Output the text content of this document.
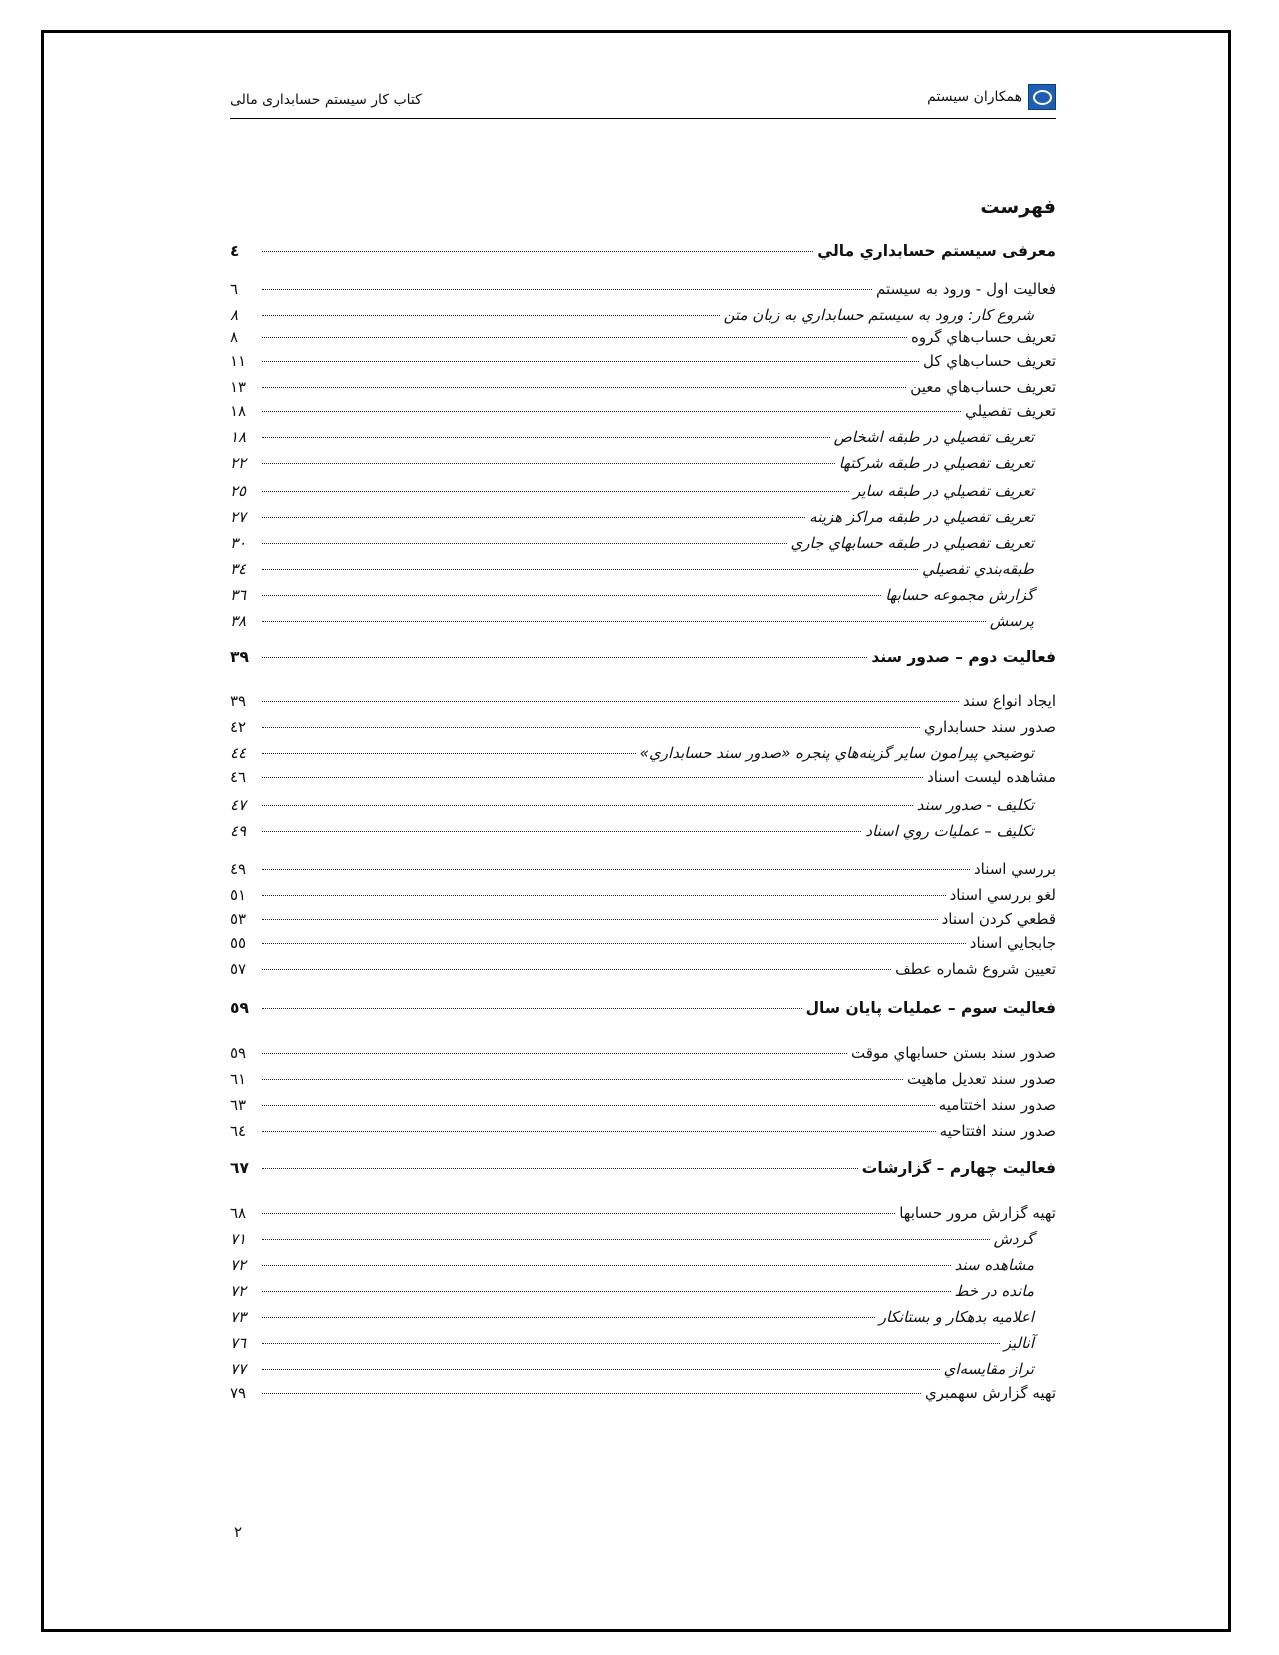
کتاب کار سیستم حسابداری مالی	همکاران سیستم
فهرست
معرفی سیستم حسابداري مالي
٤
فعالیت اول - ورود به سیستم
٦
شروع کار: ورود به سیستم حسابداري به زبان متن
٨
تعريف حساب‌هاي گروه
٨
تعريف حساب‌هاي کل
١١
تعريف حساب‌هاي معين
١٣
تعريف تفصيلي
١٨
تعريف تفصيلي در طبقه اشخاص
١٨
تعريف تفصيلي در طبقه شرکتها
٢٢
تعريف تفصيلي در طبقه ساير
٢٥
تعريف تفصيلي در طبقه مراكز هزينه
٢٧
تعريف تفصيلي در طبقه حسابهاي جاري
٣٠
طبقه‌بندي تفصيلي
٣٤
گزارش مجموعه حسابها
٣٦
پرسش
٣٨
فعالیت دوم – صدور سند
٣٩
ايجاد انواع سند
٣٩
صدور سند حسابداري
٤٢
توضيحي پيرامون ساير گزينه‌هاي پنجره «صدور سند حسابداري»
٤٤
مشاهده ليست اسناد
٤٦
تکليف - صدور سند
٤٧
تکليف – عمليات روي اسناد
٤٩
بررسي اسناد
٤٩
لغو بررسي اسناد
٥١
قطعي کردن اسناد
٥٣
جابجايي اسناد
٥٥
تعيين شروع شماره عطف
٥٧
فعالیت سوم – عمليات پايان سال
٥٩
صدور سند بستن حسابهاي موقت
٥٩
صدور سند تعديل ماهيت
٦١
صدور سند اختتاميه
٦٣
صدور سند افتتاحيه
٦٤
فعالیت چهارم – گزارشات
٦٧
تهيه گزارش مرور حسابها
٦٨
گردش
٧١
مشاهده سند
٧٢
مانده در خط
٧٢
اعلاميه بدهکار و بستانکار
٧٣
آناليز
٧٦
تراز مقايسه‌اي
٧٧
تهيه گزارش سهمبري
٧٩
٢
